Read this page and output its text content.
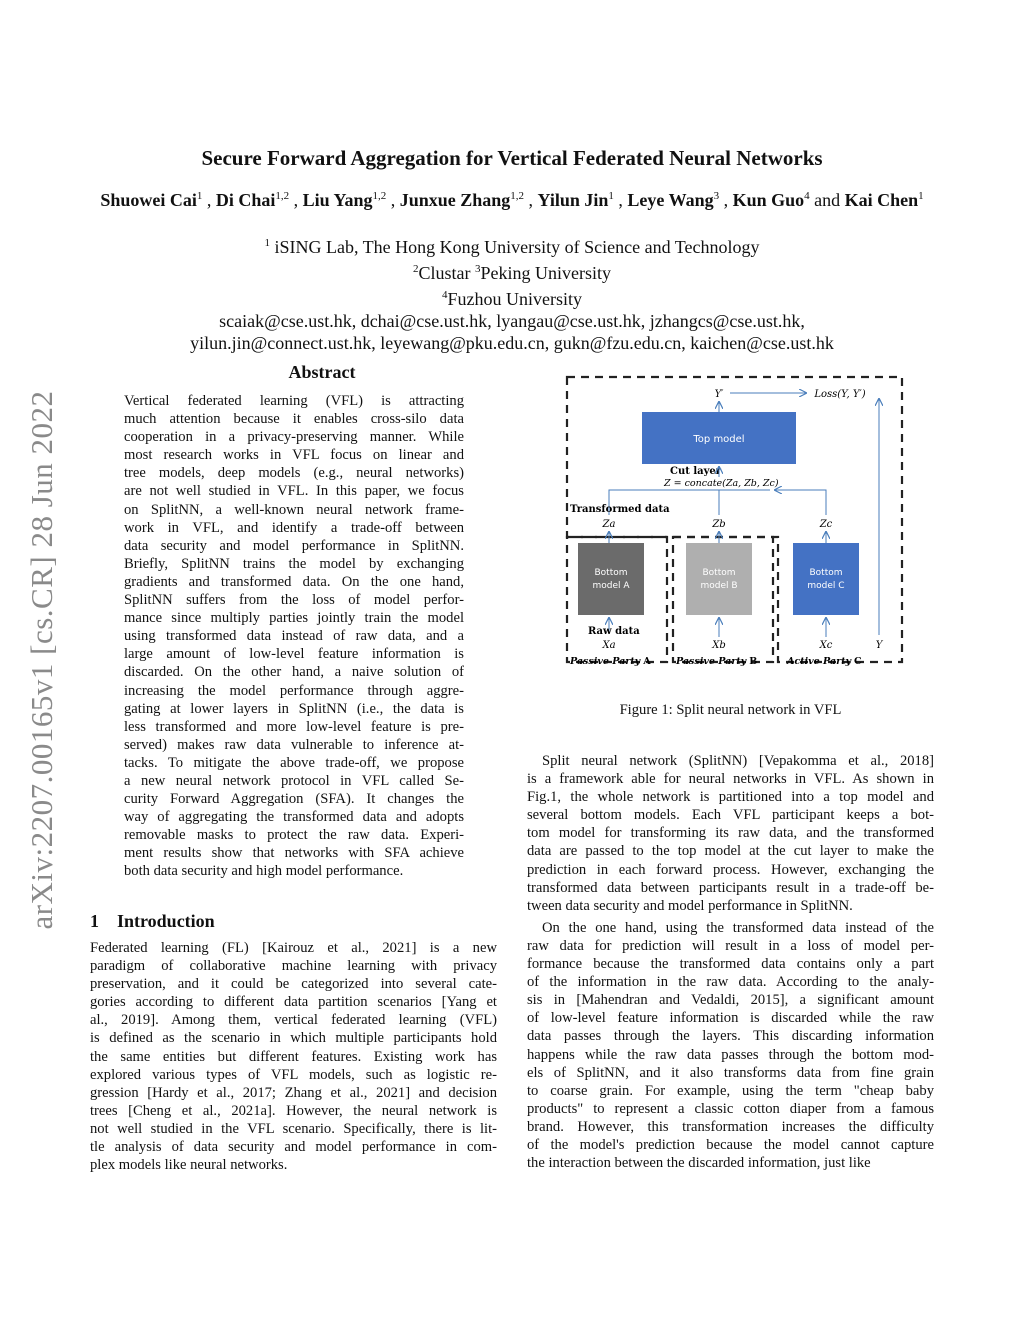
arXiv:2207.00165v1 [cs.CR] 28 Jun 2022
Secure Forward Aggregation for Vertical Federated Neural Networks
Shuowei Cai$^1$ , Di Chai$^{1,2}$ , Liu Yang$^{1,2}$ , Junxue Zhang$^{1,2}$ , Yilun Jin$^1$ , Leye Wang$^3$ , Kun Guo$^4$ and Kai Chen$^1$
$^1$ iSING Lab, The Hong Kong University of Science and Technology
$^2$Clustar $^3$Peking University
$^4$Fuzhou University
scaiak@cse.ust.hk, dchai@cse.ust.hk, lyangau@cse.ust.hk, jzhangcs@cse.ust.hk,
yilun.jin@connect.ust.hk, leyewang@pku.edu.cn, gukn@fzu.edu.cn, kaichen@cse.ust.hk
Abstract

Vertical federated learning (VFL) is attracting

much attention because it enables cross-silo data

cooperation in a privacy-preserving manner. While

most research works in VFL focus on linear and

tree models, deep models (e.g., neural networks)

are not well studied in VFL. In this paper, we focus

on SplitNN, a well-known neural network frame-

work in VFL, and identify a trade-off between

data security and model performance in SplitNN.

Briefly, SplitNN trains the model by exchanging

gradients and transformed data. On the one hand,

SplitNN suffers from the loss of model perfor-

mance since multiply parties jointly train the model

using transformed data instead of raw data, and a

large amount of low-level feature information is

discarded. On the other hand, a naive solution of

increasing the model performance through aggre-

gating at lower layers in SplitNN (i.e., the data is

less transformed and more low-level feature is pre-

served) makes raw data vulnerable to inference at-

tacks. To mitigate the above trade-off, we propose

a new neural network protocol in VFL called Se-

curity Forward Aggregation (SFA). It changes the

way of aggregating the transformed data and adopts

removable masks to protect the raw data. Experi-

ment results show that networks with SFA achieve

both data security and high model performance.

1 Introduction

Federated learning (FL) [Kairouz et al., 2021] is a new

paradigm of collaborative machine learning with privacy

preservation, and it could be categorized into several cate-

gories according to different data partition scenarios [Yang et

al., 2019]. Among them, vertical federated learning (VFL)

is defined as the scenario in which multiple participants hold

the same entities but different features. Existing work has

explored various types of VFL models, such as logistic re-

gression [Hardy et al., 2017; Zhang et al., 2021] and decision

trees [Cheng et al., 2021a]. However, the neural network is

not well studied in the VFL scenario. Specifically, there is lit-

tle analysis of data security and model performance in com-

plex models like neural networks.

Top model
Y′	Loss(Y, Y′)
Cut layer
Z = concate(Za, Zb, Zc)
Transformed data
Za	Zb	Zc
Bottom
model A
Bottom
model B
Bottom
model C
Raw data
Xa	Xb	Xc	Y
Passive Party A	Passive Party B	Active Party C
Figure 1: Split neural network in VFL

Split neural network (SplitNN) [Vepakomma et al., 2018]

is a framework able for neural networks in VFL. As shown in

Fig.1, the whole network is partitioned into a top model and

several bottom models. Each VFL participant keeps a bot-

tom model for transforming its raw data, and the transformed

data are passed to the top model at the cut layer to make the

prediction in each forward process. However, exchanging the

transformed data between participants result in a trade-off be-

tween data security and model performance in SplitNN.

On the one hand, using the transformed data instead of the

raw data for prediction will result in a loss of model per-

formance because the transformed data contains only a part

of the information in the raw data. According to the analy-

sis in [Mahendran and Vedaldi, 2015], a significant amount

of low-level feature information is discarded while the raw

data passes through the layers. This discarding information

happens while the raw data passes through the bottom mod-

els of SplitNN, and it also transforms data from fine grain

to coarse grain. For example, using the term "cheap baby

products" to represent a classic cotton diaper from a famous

brand. However, this transformation increases the difficulty

of the model's prediction because the model cannot capture

the interaction between the discarded information, just like
